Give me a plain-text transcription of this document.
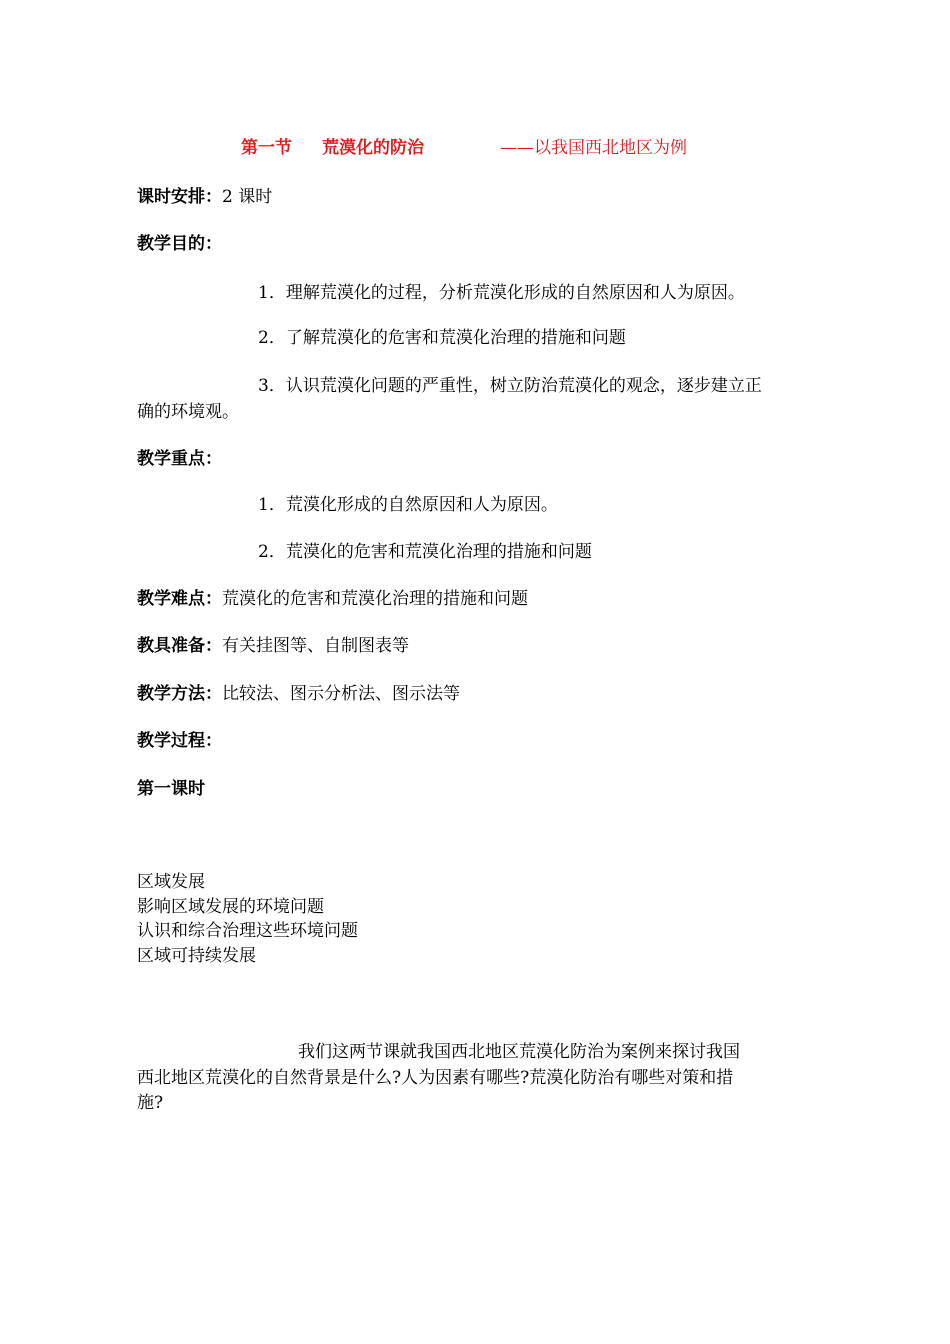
第一节 荒漠化的防治	——以我国西北地区为例
课时安排：2 课时
教学目的：
1．理解荒漠化的过程，分析荒漠化形成的自然原因和人为原因。
2．了解荒漠化的危害和荒漠化治理的措施和问题
3．认识荒漠化问题的严重性，树立防治荒漠化的观念，逐步建立正
确的环境观。
教学重点：
1．荒漠化形成的自然原因和人为原因。
2．荒漠化的危害和荒漠化治理的措施和问题
教学难点：荒漠化的危害和荒漠化治理的措施和问题
教具准备：有关挂图等、自制图表等
教学方法：比较法、图示分析法、图示法等
教学过程：
第一课时
区域发展
影响区域发展的环境问题
认识和综合治理这些环境问题
区域可持续发展
我们这两节课就我国西北地区荒漠化防治为案例来探讨我国
西北地区荒漠化的自然背景是什么?人为因素有哪些?荒漠化防治有哪些对策和措
施?
